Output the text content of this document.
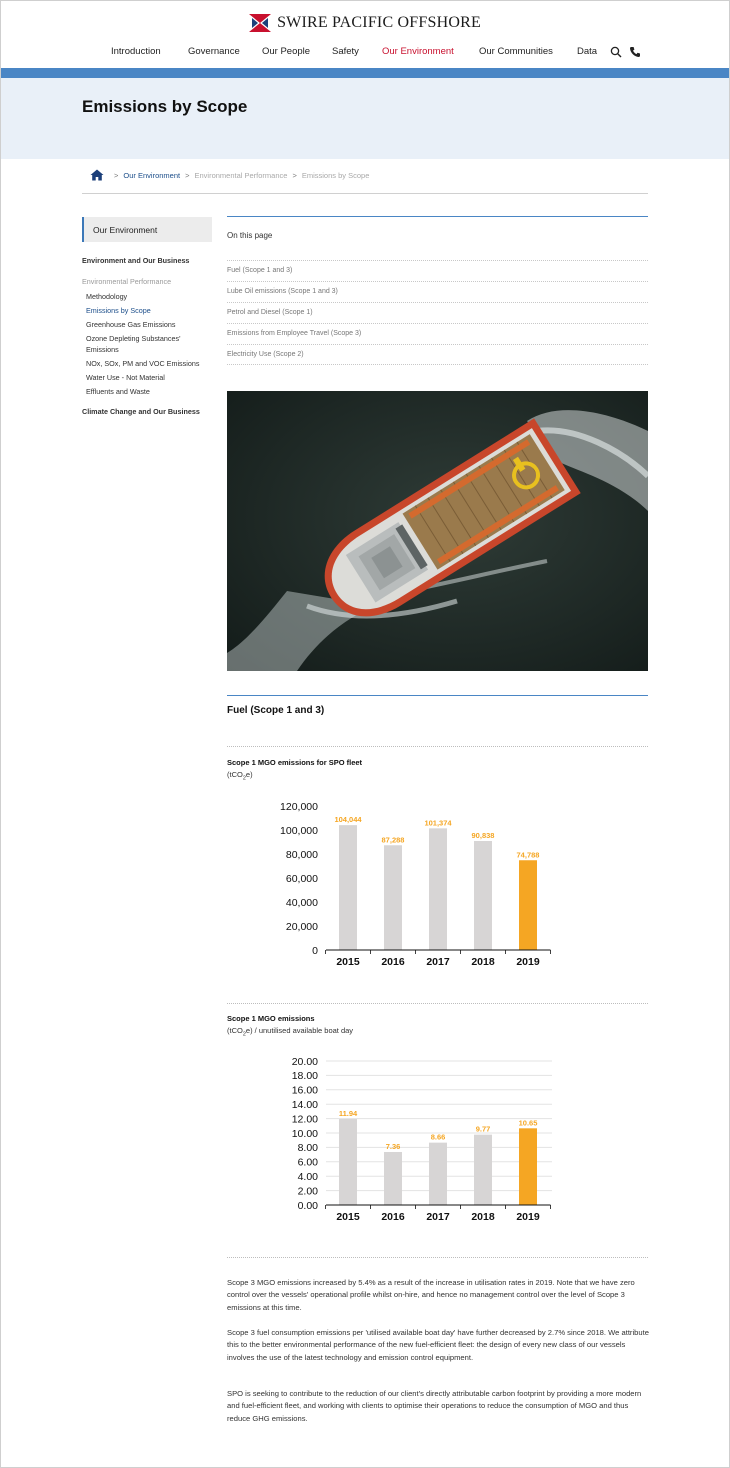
SWIRE PACIFIC OFFSHORE
Introduction	Governance Our People Safety Our Environment	Our Communities	Data
Emissions by Scope
> Our Environment > Environmental Performance > Emissions by Scope
Our Environment
Environment and Our Business
Environmental Performance
Methodology
Emissions by Scope
Greenhouse Gas Emissions
Ozone Depleting Substances' Emissions
NOx, SOx, PM and VOC Emissions
Water Use - Not Material
Effluents and Waste
Climate Change and Our Business
On this page
Fuel (Scope 1 and 3)
Lube Oil emissions (Scope 1 and 3)
Petrol and Diesel (Scope 1)
Emissions from Employee Travel (Scope 3)
Electricity Use (Scope 2)
Fuel (Scope 1 and 3)
Scope 1 MGO emissions for SPO fleet
(tCO$_2$e)
0
20,000
40,000
60,000
80,000
100,000
120,000
104,044
2015
87,288
2016
101,374
2017
90,838
2018
74,788
2019
Scope 1 MGO emissions
(tCO$_2$e) / unutilised available boat day
0.00
2.00
4.00
6.00
8.00
10.00
12.00
14.00
16.00
18.00
20.00
11.94
2015
7.36
2016
8.66
2017
9.77
2018
10.65
2019

Scope 3 MGO emissions increased by 5.4% as a result of the increase in utilisation rates in 2019. Note that we have zero control over the vessels' operational profile whilst on-hire, and hence no management control over the level of Scope 3 emissions at this time.

Scope 3 fuel consumption emissions per 'utilised available boat day' have further decreased by 2.7% since 2018. We attribute this to the better environmental performance of the new fuel-efficient fleet: the design of every new class of our vessels involves the use of the latest technology and emission control equipment.

SPO is seeking to contribute to the reduction of our client's directly attributable carbon footprint by providing a more modern and fuel-efficient fleet, and working with clients to optimise their operations to reduce the consumption of MGO and thus reduce GHG emissions.
